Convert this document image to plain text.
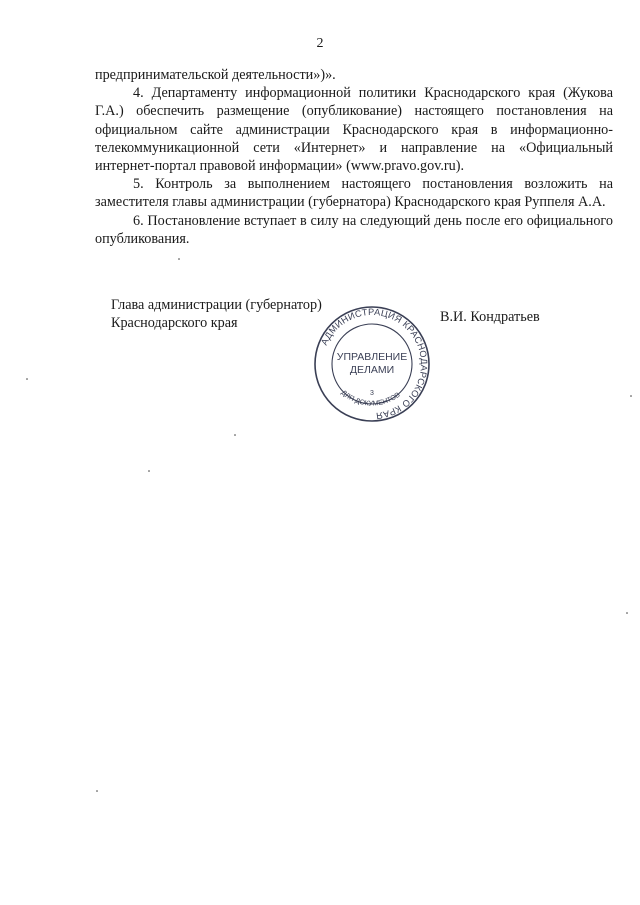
2

предпринимательской деятельности»)».

4. Департаменту информационной политики Краснодарского края (Жукова Г.А.) обеспечить размещение (опубликование) настоящего постановления на официальном сайте администрации Краснодарского края в информационно-телекоммуникационной сети «Интернет» и направление на «Официальный интернет-портал правовой информации» (www.pravo.gov.ru).

5. Контроль за выполнением настоящего постановления возложить на заместителя главы администрации (губернатора) Краснодарского края Руппеля А.А.

6. Постановление вступает в силу на следующий день после его официального опубликования.

Глава администрации (губернатор)
Краснодарского края	В.И. Кондратьев
АДМИНИСТРАЦИЯ КРАСНОДАРСКОГО КРАЯ
ДЛЯ ДОКУМЕНТОВ
УПРАВЛЕНИЕ
ДЕЛАМИ
3
